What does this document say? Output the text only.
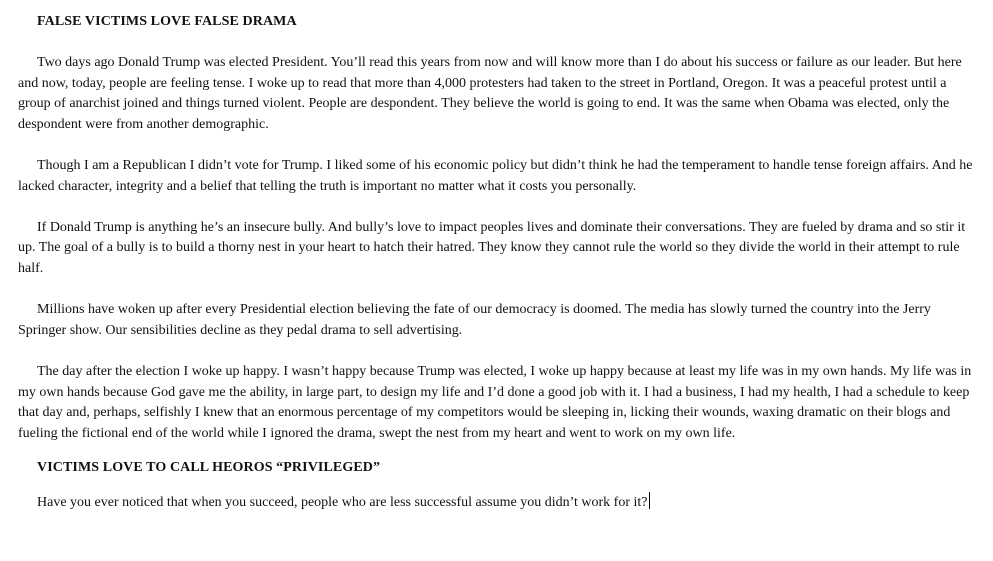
FALSE VICTIMS LOVE FALSE DRAMA

Two days ago Donald Trump was elected President. You’ll read this years from now and will know more than I do about his success or failure as our leader. But here and now, today, people are feeling tense. I woke up to read that more than 4,000 protesters had taken to the street in Portland, Oregon. It was a peaceful protest until a group of anarchist joined and things turned violent. People are despondent. They believe the world is going to end. It was the same when Obama was elected, only the despondent were from another demographic.

Though I am a Republican I didn’t vote for Trump. I liked some of his economic policy but didn’t think he had the temperament to handle tense foreign affairs. And he lacked character, integrity and a belief that telling the truth is important no matter what it costs you personally.

If Donald Trump is anything he’s an insecure bully. And bully’s love to impact peoples lives and dominate their conversations. They are fueled by drama and so stir it up. The goal of a bully is to build a thorny nest in your heart to hatch their hatred. They know they cannot rule the world so they divide the world in their attempt to rule half.

Millions have woken up after every Presidential election believing the fate of our democracy is doomed. The media has slowly turned the country into the Jerry Springer show. Our sensibilities decline as they pedal drama to sell advertising.

The day after the election I woke up happy. I wasn’t happy because Trump was elected, I woke up happy because at least my life was in my own hands. My life was in my own hands because God gave me the ability, in large part, to design my life and I’d done a good job with it. I had a business, I had my health, I had a schedule to keep that day and, perhaps, selfishly I knew that an enormous percentage of my competitors would be sleeping in, licking their wounds, waxing dramatic on their blogs and fueling the fictional end of the world while I ignored the drama, swept the nest from my heart and went to work on my own life.

VICTIMS LOVE TO CALL HEOROS “PRIVILEGED”

Have you ever noticed that when you succeed, people who are less successful assume you didn’t work for it?
